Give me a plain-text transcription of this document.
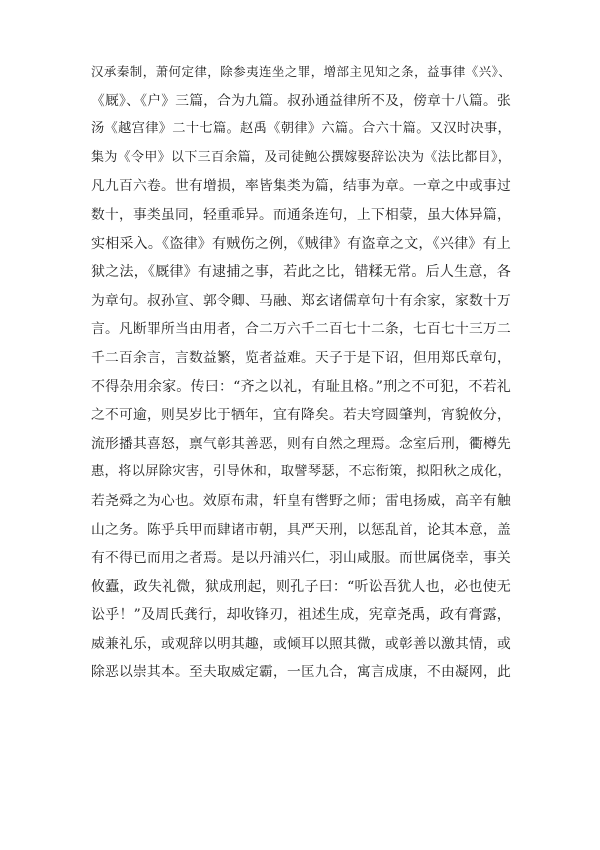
汉承秦制，萧何定律，除参夷连坐之罪，增部主见知之条，益事律《兴》、
《厩》、《户》三篇，合为九篇。叔孙通益律所不及，傍章十八篇。张
汤《越宫律》二十七篇。赵禹《朝律》六篇。合六十篇。又汉时决事，
集为《令甲》以下三百余篇，及司徒鲍公撰嫁娶辞讼决为《法比都目》，
凡九百六卷。世有增损，率皆集类为篇，结事为章。一章之中或事过
数十，事类虽同，轻重乖异。而通条连句，上下相蒙，虽大体异篇，
实相采入。《盗律》有贼伤之例，《贼律》有盗章之文，《兴律》有上
狱之法，《厩律》有逮捕之事，若此之比，错糅无常。后人生意，各
为章句。叔孙宣、郭令卿、马融、郑玄诸儒章句十有余家，家数十万
言。凡断罪所当由用者，合二万六千二百七十二条，七百七十三万二
千二百余言，言数益繁，览者益难。天子于是下诏，但用郑氏章句，
不得杂用余家。传曰：“齐之以礼，有耻且格。”刑之不可犯，不若礼
之不可逾，则昊岁比于牺年，宜有降矣。若夫穹圆肇判，宵貌攸分，
流形播其喜怒，禀气彰其善恶，则有自然之理焉。念室后刑，衢樽先
惠，将以屏除灾害，引导休和，取譬琴瑟，不忘衔策，拟阳秋之成化，
若尧舜之为心也。效原布肃，轩皇有辔野之师；雷电扬威，高辛有触
山之务。陈乎兵甲而肆诸市朝，具严天刑，以惩乱首，论其本意，盖
有不得已而用之者焉。是以丹浦兴仁，羽山咸服。而世属侥幸，事关
攸蠹，政失礼微，狱成刑起，则孔子曰：“听讼吾犹人也，必也使无
讼乎！”及周氏龚行，却收锋刃，祖述生成，宪章尧禹，政有膏露，
威兼礼乐，或观辞以明其趣，或倾耳以照其微，或彰善以激其情，或
除恶以崇其本。至夫取威定霸，一匡九合，寓言成康，不由凝网，此
